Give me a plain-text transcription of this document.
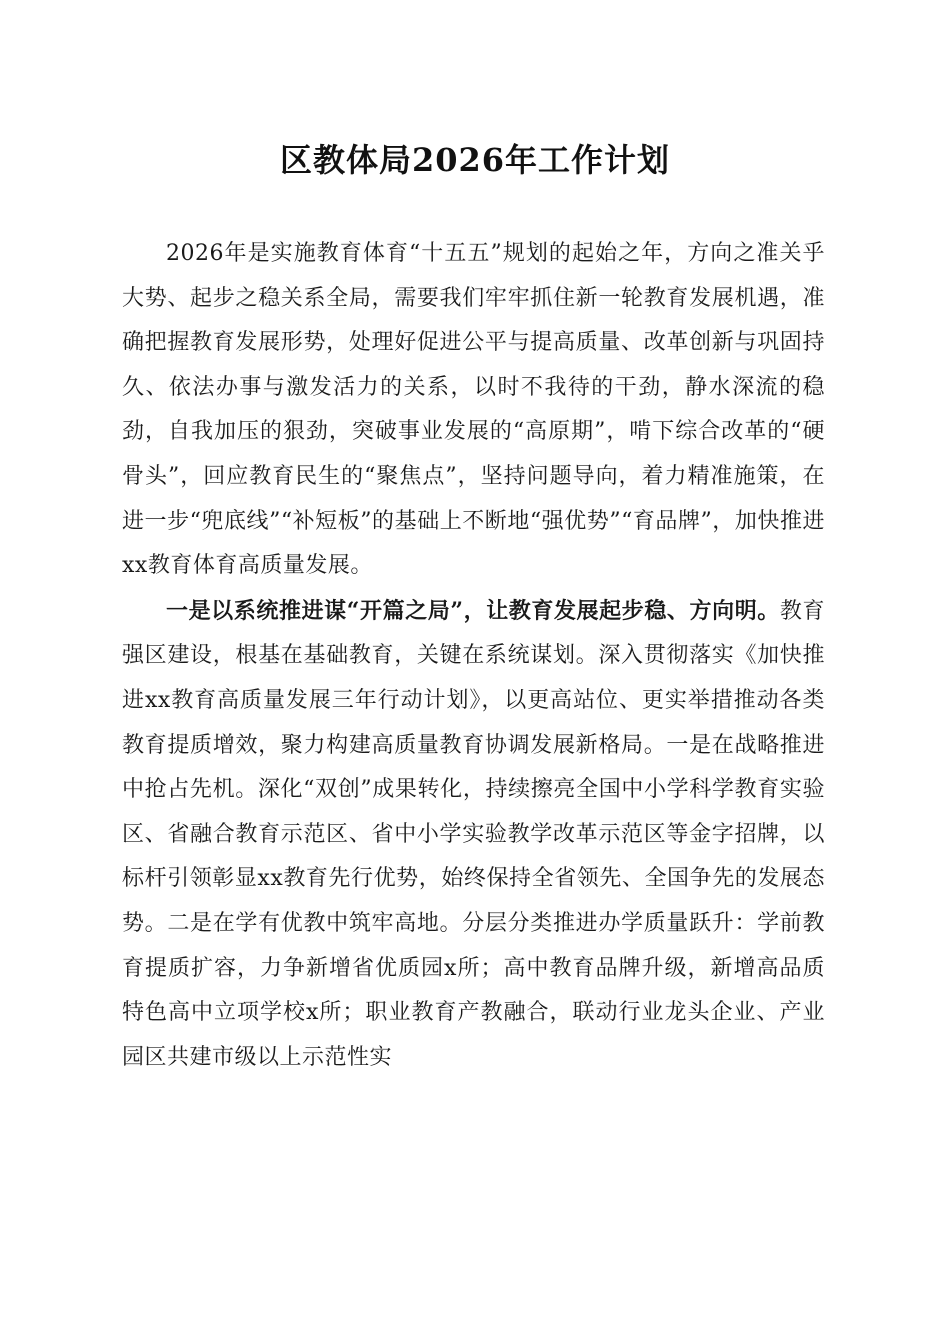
区教体局2026年工作计划

2026年是实施教育体育“十五五”规划的起始之年，方向之准关乎大势、起步之稳关系全局，需要我们牢牢抓住新一轮教育发展机遇，准确把握教育发展形势，处理好促进公平与提高质量、改革创新与巩固持久、依法办事与激发活力的关系，以时不我待的干劲，静水深流的稳劲，自我加压的狠劲，突破事业发展的“高原期”，啃下综合改革的“硬骨头”，回应教育民生的“聚焦点”，坚持问题导向，着力精准施策，在进一步“兜底线”“补短板”的基础上不断地“强优势”“育品牌”，加快推进xx教育体育高质量发展。

一是以系统推进谋“开篇之局”，让教育发展起步稳、方向明。教育强区建设，根基在基础教育，关键在系统谋划。深入贯彻落实《加快推进xx教育高质量发展三年行动计划》，以更高站位、更实举措推动各类教育提质增效，聚力构建高质量教育协调发展新格局。一是在战略推进中抢占先机。深化“双创”成果转化，持续擦亮全国中小学科学教育实验区、省融合教育示范区、省中小学实验教学改革示范区等金字招牌，以标杆引领彰显xx教育先行优势，始终保持全省领先、全国争先的发展态势。二是在学有优教中筑牢高地。分层分类推进办学质量跃升：学前教育提质扩容，力争新增省优质园x所；高中教育品牌升级，新增高品质特色高中立项学校x所；职业教育产教融合，联动行业龙头企业、产业园区共建市级以上示范性实
